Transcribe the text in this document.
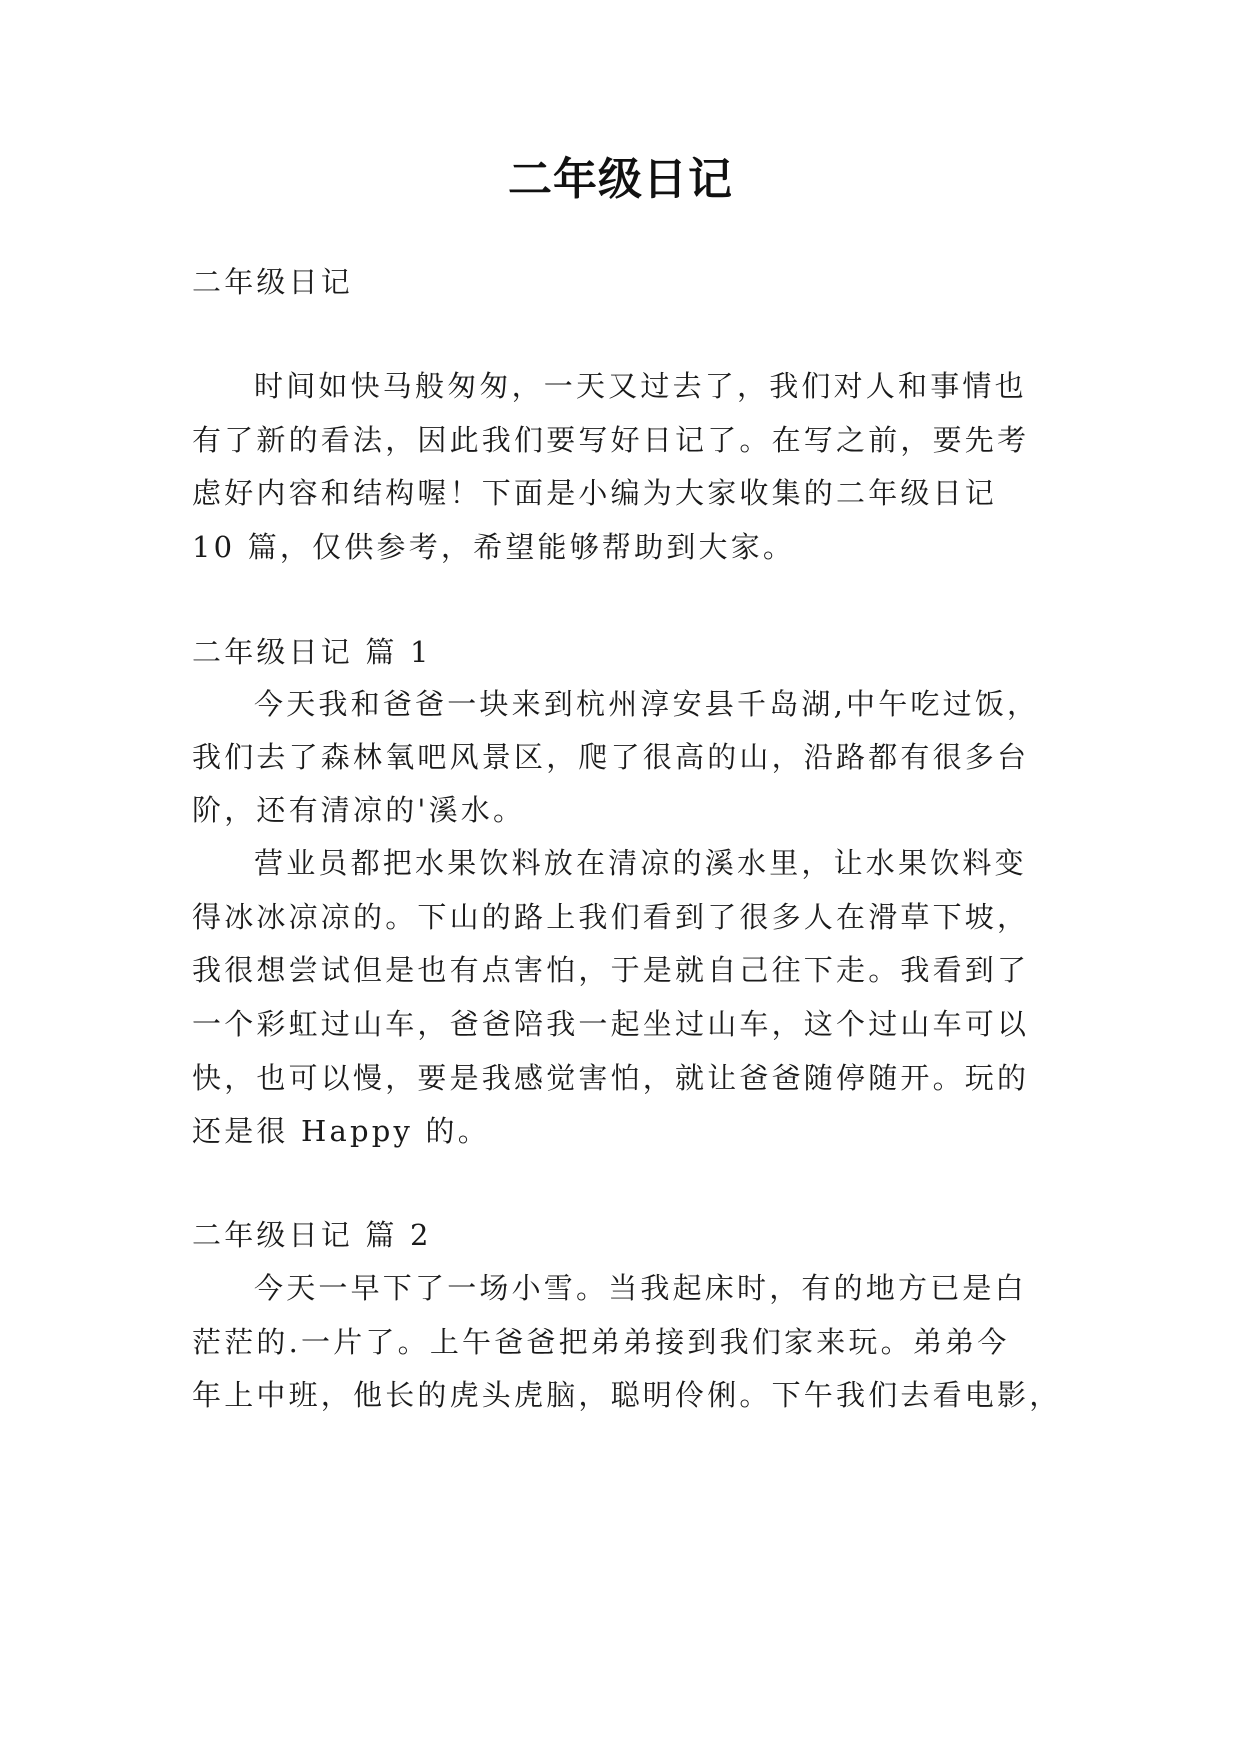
二年级日记
二年级日记
时间如快马般匆匆，一天又过去了，我们对人和事情也
有了新的看法，因此我们要写好日记了。在写之前，要先考
虑好内容和结构喔！下面是小编为大家收集的二年级日记
10 篇，仅供参考，希望能够帮助到大家。
二年级日记 篇 1
今天我和爸爸一块来到杭州淳安县千岛湖,中午吃过饭，
我们去了森林氧吧风景区，爬了很高的山，沿路都有很多台
阶，还有清凉的'溪水。
营业员都把水果饮料放在清凉的溪水里，让水果饮料变
得冰冰凉凉的。下山的路上我们看到了很多人在滑草下坡，
我很想尝试但是也有点害怕，于是就自己往下走。我看到了
一个彩虹过山车，爸爸陪我一起坐过山车，这个过山车可以
快，也可以慢，要是我感觉害怕，就让爸爸随停随开。玩的
还是很 Happy 的。
二年级日记 篇 2
今天一早下了一场小雪。当我起床时，有的地方已是白
茫茫的.一片了。上午爸爸把弟弟接到我们家来玩。弟弟今
年上中班，他长的虎头虎脑，聪明伶俐。下午我们去看电影，
